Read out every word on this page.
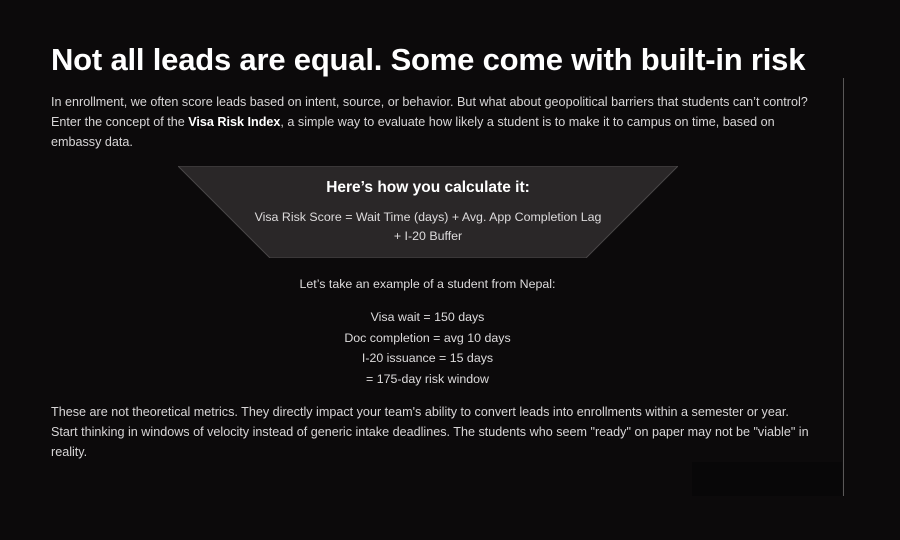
Not all leads are equal. Some come with built-in risk

In enrollment, we often score leads based on intent, source, or behavior. But what about geopolitical barriers that students can’t control? Enter the concept of the Visa Risk Index, a simple way to evaluate how likely a student is to make it to campus on time, based on embassy data.

Here’s how you calculate it:

Visa Risk Score = Wait Time (days) + Avg. App Completion Lag + I-20 Buffer

Let’s take an example of a student from Nepal:
Visa wait = 150 days
Doc completion = avg 10 days
I-20 issuance = 15 days
= 175-day risk window

These are not theoretical metrics. They directly impact your team's ability to convert leads into enrollments within a semester or year. Start thinking in windows of velocity instead of generic intake deadlines. The students who seem "ready" on paper may not be "viable" in reality.
